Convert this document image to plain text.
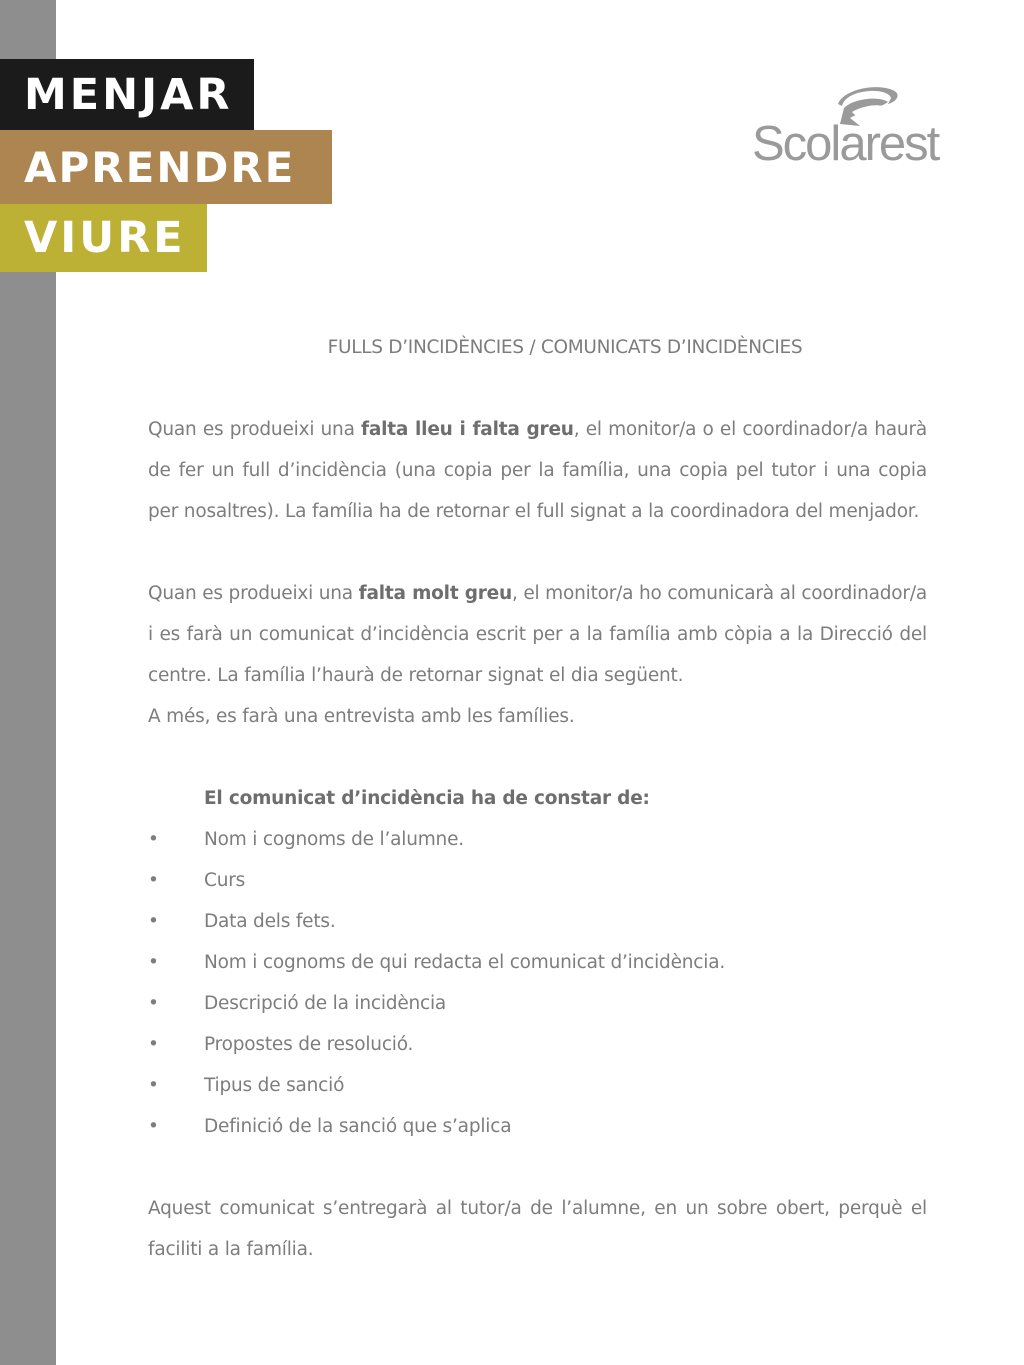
MENJAR
APRENDRE
VIURE
Scolarest
FULLS D’INCIDÈNCIES / COMUNICATS D’INCIDÈNCIES

Quan es produeixi una falta lleu i falta greu, el monitor/a o el coordinador/a haurà de fer un full d’incidència (una copia per la família, una copia pel tutor i una copia per nosaltres). La família ha de retornar el full signat a la coordinadora del menjador.

Quan es produeixi una falta molt greu, el monitor/a ho comunicarà al coordinador/a i es farà un comunicat d’incidència escrit per a la família amb còpia a la Direcció del centre. La família l’haurà de retornar signat el dia següent.

A més, es farà una entrevista amb les famílies.

El comunicat d’incidència ha de constar de:

• Nom i cognoms de l’alumne.
• Curs
• Data dels fets.
• Nom i cognoms de qui redacta el comunicat d’incidència.
• Descripció de la incidència
• Propostes de resolució.
• Tipus de sanció
• Definició de la sanció que s’aplica

Aquest comunicat s’entregarà al tutor/a de l’alumne, en un sobre obert, perquè el faciliti a la família.
